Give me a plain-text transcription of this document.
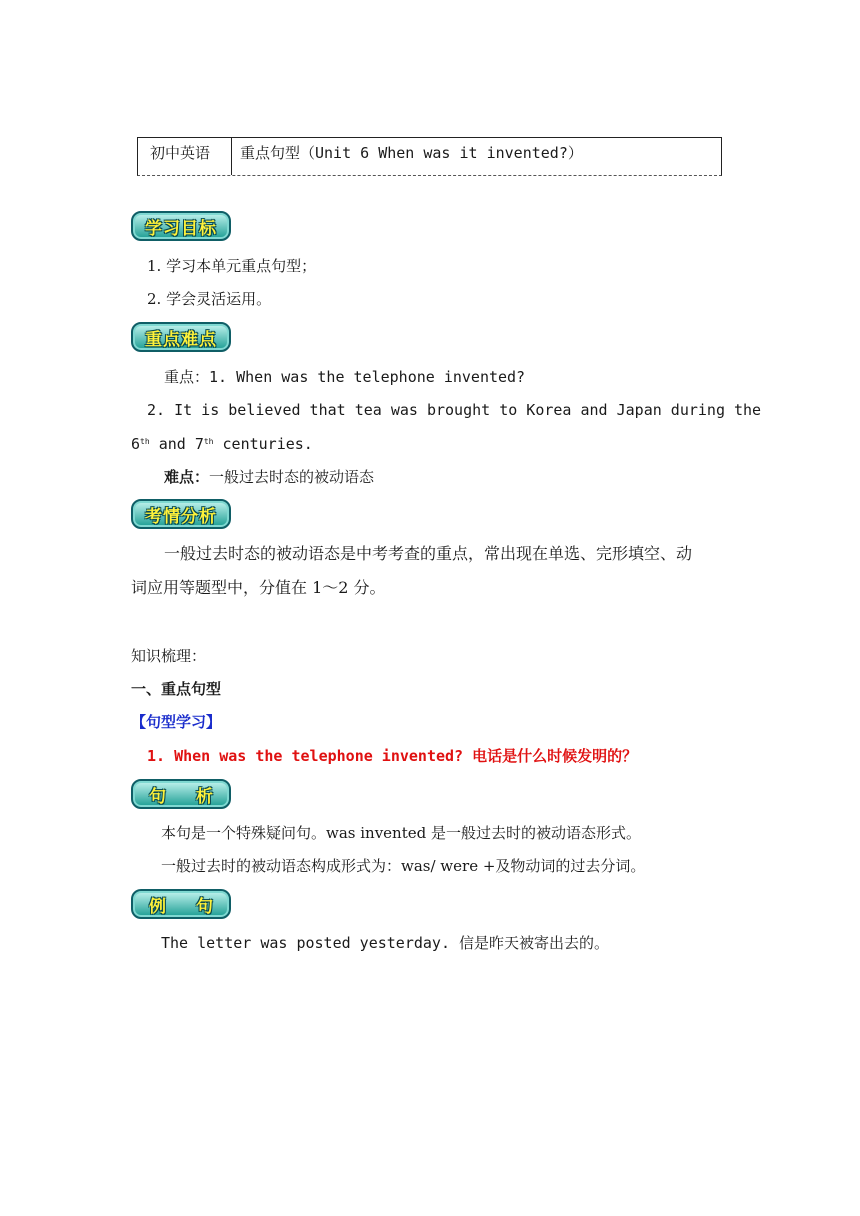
初中英语	重点句型（Unit 6 When was it invented?）
学习目标
1. 学习本单元重点句型；
2. 学会灵活运用。
重点难点
重点：1. When was the telephone invented?
2. It is believed that tea was brought to Korea and Japan during the
6th and 7th centuries.
难点：一般过去时态的被动语态
考情分析
一般过去时态的被动语态是中考考查的重点，常出现在单选、完形填空、动
词应用等题型中，分值在 1～2 分。
知识梳理：
一、重点句型
【句型学习】
1. When was the telephone invented? 电话是什么时候发明的？
句 析
本句是一个特殊疑问句。was invented 是一般过去时的被动语态形式。
一般过去时的被动语态构成形式为：was/ were +及物动词的过去分词。
例 句
The letter was posted yesterday. 信是昨天被寄出去的。
